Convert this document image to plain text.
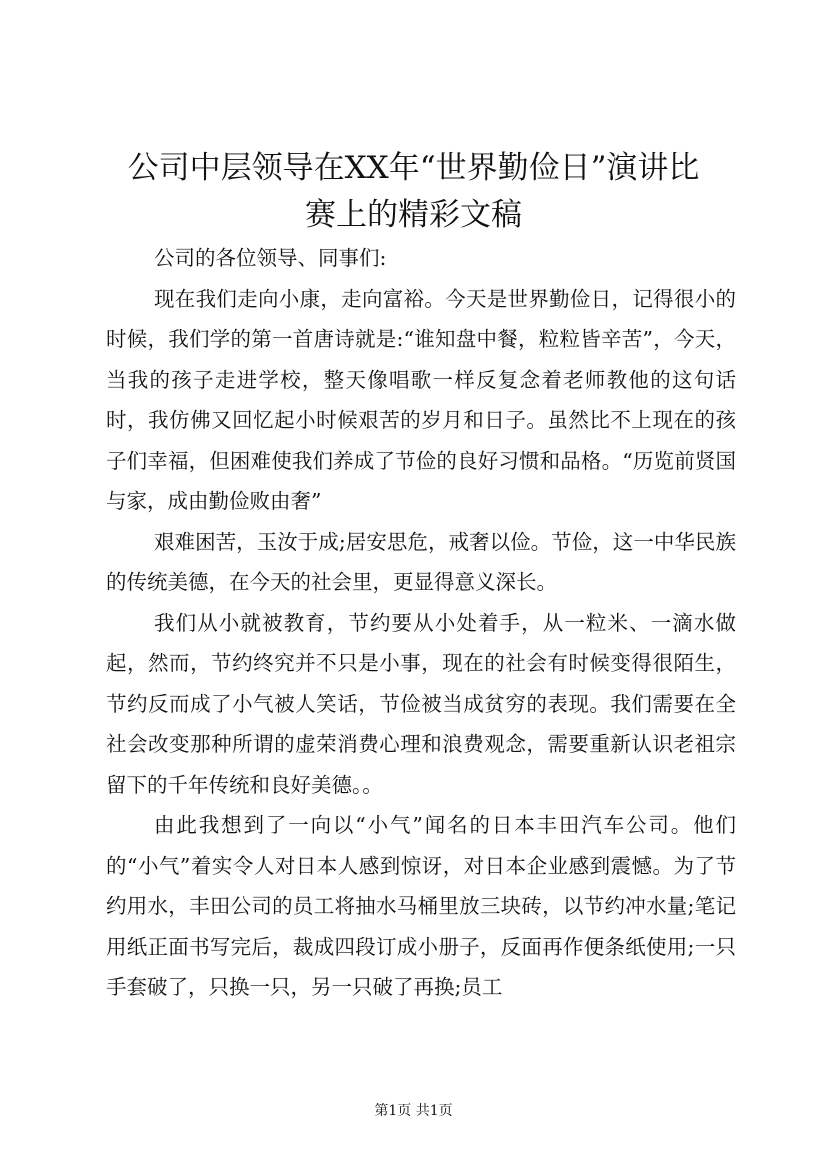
公司中层领导在XX年“世界勤俭日”演讲比
赛上的精彩文稿

公司的各位领导、同事们:

现在我们走向小康，走向富裕。今天是世界勤俭日，记得很小的时候，我们学的第一首唐诗就是:“谁知盘中餐，粒粒皆辛苦”，今天，当我的孩子走进学校，整天像唱歌一样反复念着老师教他的这句话时，我仿佛又回忆起小时候艰苦的岁月和日子。虽然比不上现在的孩子们幸福，但困难使我们养成了节俭的良好习惯和品格。“历览前贤国与家，成由勤俭败由奢”

艰难困苦，玉汝于成;居安思危，戒奢以俭。节俭，这一中华民族的传统美德，在今天的社会里，更显得意义深长。

我们从小就被教育，节约要从小处着手，从一粒米、一滴水做起，然而，节约终究并不只是小事，现在的社会有时候变得很陌生，节约反而成了小气被人笑话，节俭被当成贫穷的表现。我们需要在全社会改变那种所谓的虚荣消费心理和浪费观念，需要重新认识老祖宗留下的千年传统和良好美德。。

由此我想到了一向以“小气”闻名的日本丰田汽车公司。他们的“小气”着实令人对日本人感到惊讶，对日本企业感到震憾。为了节约用水，丰田公司的员工将抽水马桶里放三块砖，以节约冲水量;笔记用纸正面书写完后，裁成四段订成小册子，反面再作便条纸使用;一只手套破了，只换一只，另一只破了再换;员工

第1页 共1页
